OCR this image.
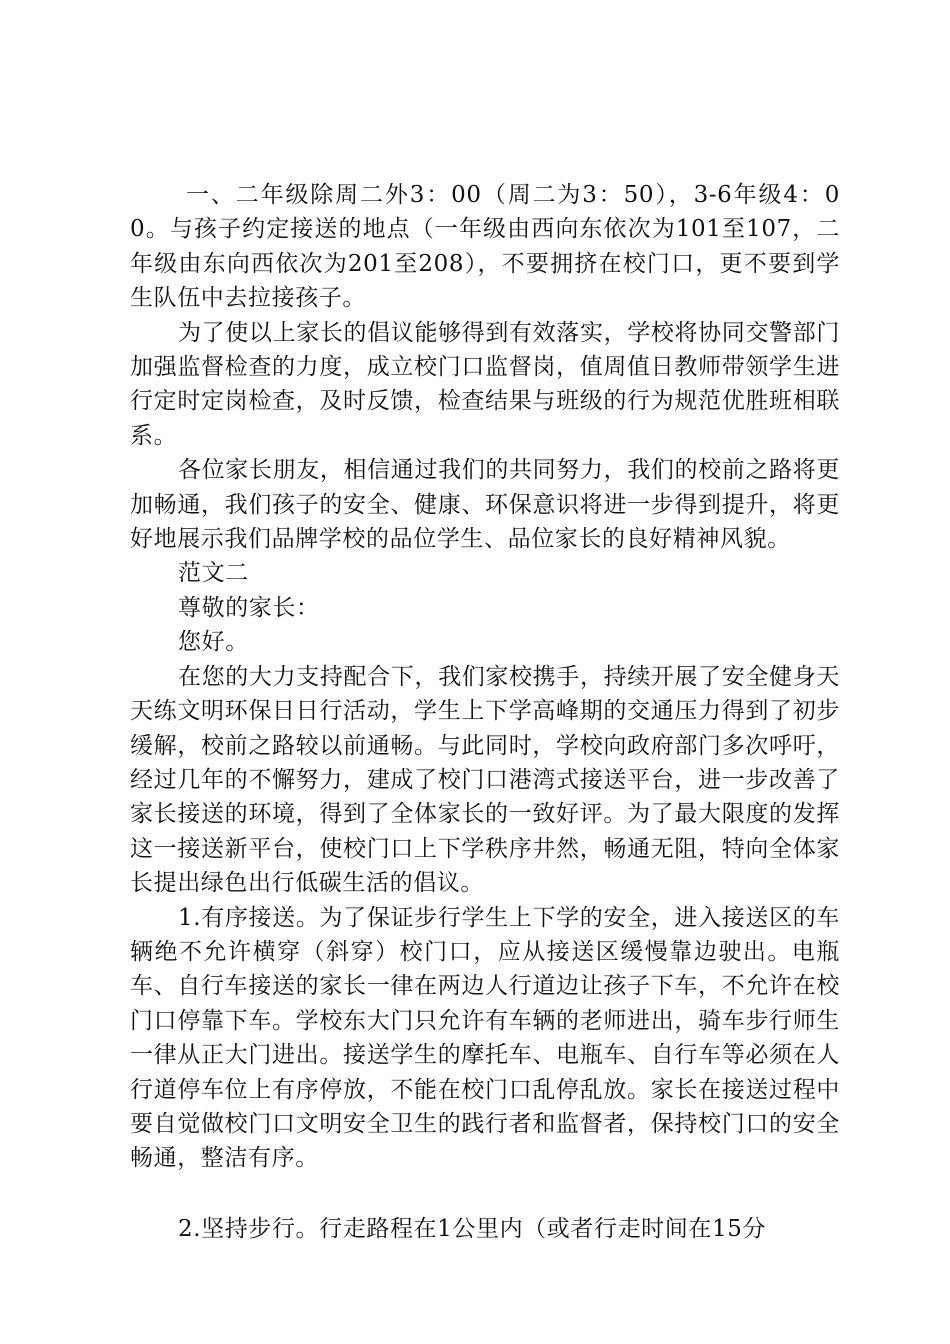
一、二年级除周二外3：00（周二为3：50），3-6年级4：00。与孩子约定接送的地点（一年级由西向东依次为101至107，二年级由东向西依次为201至208），不要拥挤在校门口，更不要到学生队伍中去拉接孩子。

为了使以上家长的倡议能够得到有效落实，学校将协同交警部门加强监督检查的力度，成立校门口监督岗，值周值日教师带领学生进行定时定岗检查，及时反馈，检查结果与班级的行为规范优胜班相联系。

各位家长朋友，相信通过我们的共同努力，我们的校前之路将更加畅通，我们孩子的安全、健康、环保意识将进一步得到提升，将更好地展示我们品牌学校的品位学生、品位家长的良好精神风貌。

范文二

尊敬的家长：

您好。

在您的大力支持配合下，我们家校携手，持续开展了安全健身天天练文明环保日日行活动，学生上下学高峰期的交通压力得到了初步缓解，校前之路较以前通畅。与此同时，学校向政府部门多次呼吁，经过几年的不懈努力，建成了校门口港湾式接送平台，进一步改善了家长接送的环境，得到了全体家长的一致好评。为了最大限度的发挥这一接送新平台，使校门口上下学秩序井然，畅通无阻，特向全体家长提出绿色出行低碳生活的倡议。

1.有序接送。为了保证步行学生上下学的安全，进入接送区的车辆绝不允许横穿（斜穿）校门口，应从接送区缓慢靠边驶出。电瓶车、自行车接送的家长一律在两边人行道边让孩子下车，不允许在校门口停靠下车。学校东大门只允许有车辆的老师进出，骑车步行师生一律从正大门进出。接送学生的摩托车、电瓶车、自行车等必须在人行道停车位上有序停放，不能在校门口乱停乱放。家长在接送过程中要自觉做校门口文明安全卫生的践行者和监督者，保持校门口的安全畅通，整洁有序。

2.坚持步行。行走路程在1公里内（或者行走时间在15分
